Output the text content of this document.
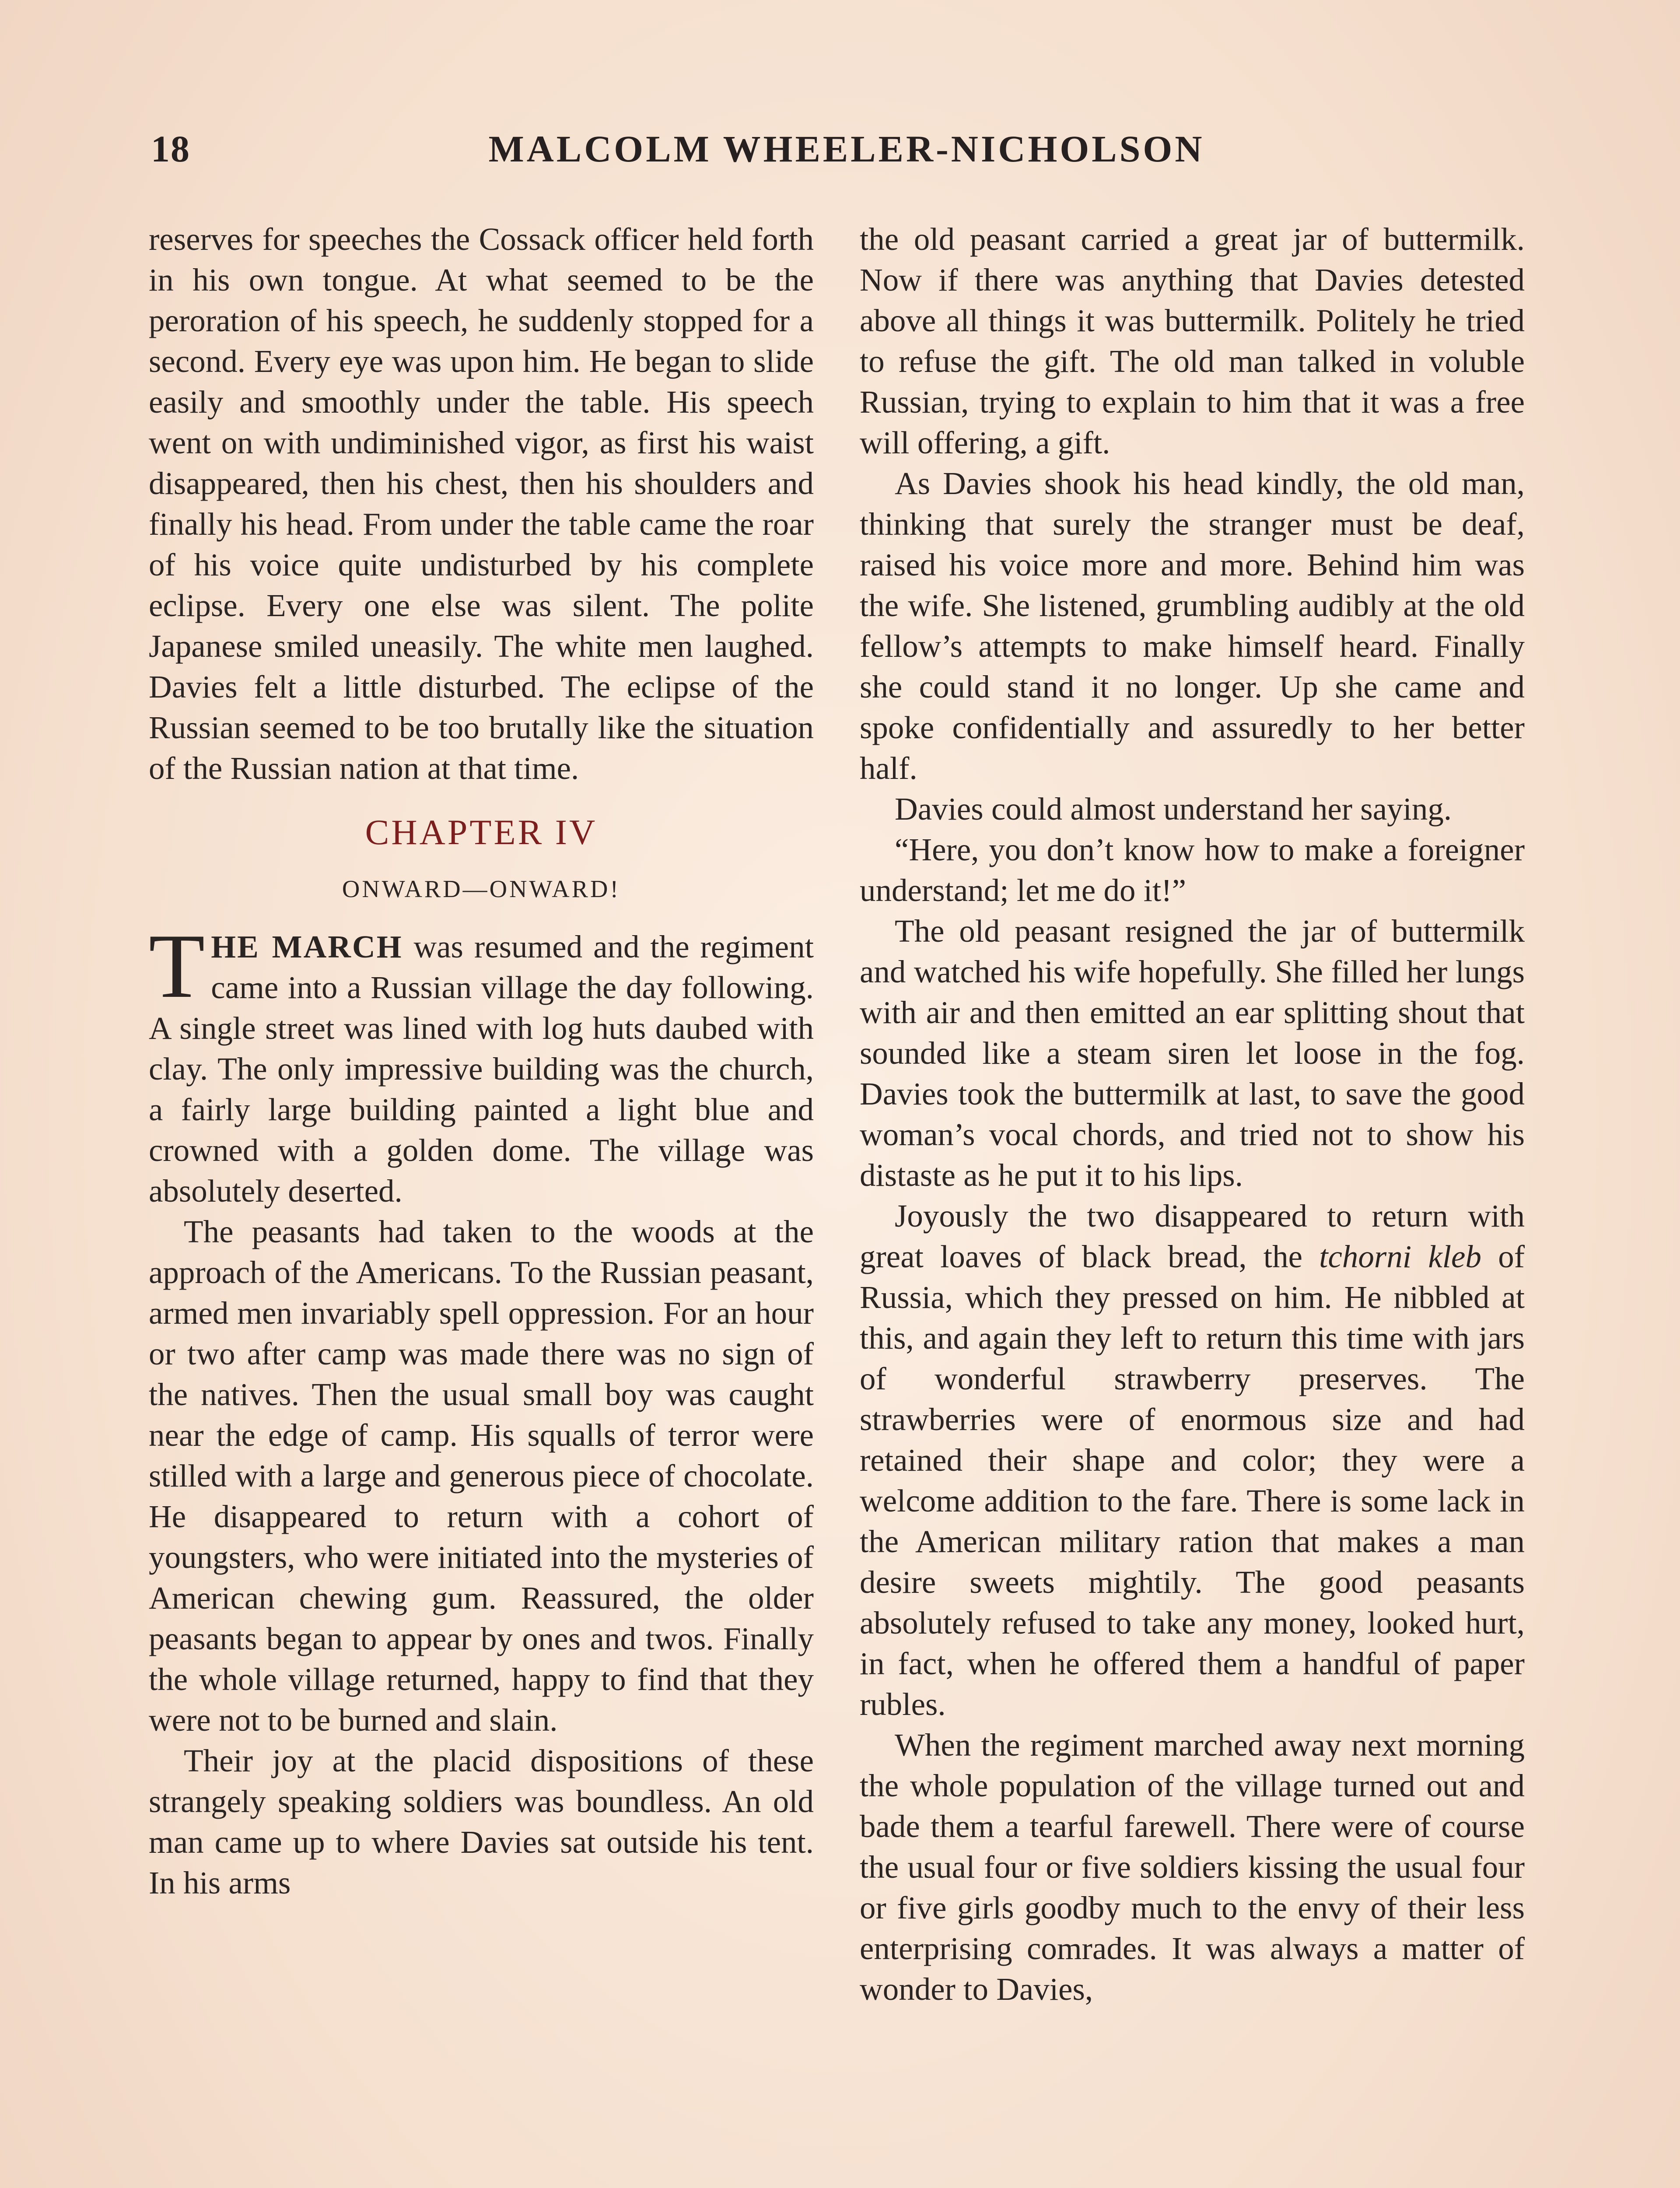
18	MALCOLM WHEELER-NICHOLSON

reserves for speeches the Cossack officer held forth in his own tongue. At what seemed to be the peroration of his speech, he suddenly stopped for a second. Every eye was upon him. He began to slide easily and smoothly under the table. His speech went on with undiminished vigor, as first his waist disappeared, then his chest, then his shoulders and finally his head. From under the table came the roar of his voice quite undisturbed by his complete eclipse. Every one else was silent. The polite Japanese smiled uneasily. The white men laughed. Davies felt a little disturbed. The eclipse of the Russian seemed to be too brutally like the situation of the Russian nation at that time.

CHAPTER IV
ONWARD—ONWARD!

THE MARCH was resumed and the regiment came into a Russian village the day following. A single street was lined with log huts daubed with clay. The only impressive building was the church, a fairly large building painted a light blue and crowned with a golden dome. The village was absolutely deserted.

The peasants had taken to the woods at the approach of the Americans. To the Russian peasant, armed men invariably spell oppression. For an hour or two after camp was made there was no sign of the natives. Then the usual small boy was caught near the edge of camp. His squalls of terror were stilled with a large and generous piece of chocolate. He disappeared to return with a cohort of youngsters, who were initiated into the mysteries of American chewing gum. Reassured, the older peasants began to appear by ones and twos. Finally the whole village returned, happy to find that they were not to be burned and slain.

Their joy at the placid dispositions of these strangely speaking soldiers was boundless. An old man came up to where Davies sat outside his tent. In his arms

the old peasant carried a great jar of buttermilk. Now if there was anything that Davies detested above all things it was buttermilk. Politely he tried to refuse the gift. The old man talked in voluble Russian, trying to explain to him that it was a free will offering, a gift.

As Davies shook his head kindly, the old man, thinking that surely the stranger must be deaf, raised his voice more and more. Behind him was the wife. She listened, grumbling audibly at the old fellow’s attempts to make himself heard. Finally she could stand it no longer. Up she came and spoke confidentially and assuredly to her better half.

Davies could almost understand her saying.

“Here, you don’t know how to make a foreigner understand; let me do it!”

The old peasant resigned the jar of buttermilk and watched his wife hopefully. She filled her lungs with air and then emitted an ear splitting shout that sounded like a steam siren let loose in the fog. Davies took the buttermilk at last, to save the good woman’s vocal chords, and tried not to show his distaste as he put it to his lips.

Joyously the two disappeared to return with great loaves of black bread, the tchorni kleb of Russia, which they pressed on him. He nibbled at this, and again they left to return this time with jars of wonderful strawberry preserves. The strawberries were of enormous size and had retained their shape and color; they were a welcome addition to the fare. There is some lack in the American military ration that makes a man desire sweets mightily. The good peasants absolutely refused to take any money, looked hurt, in fact, when he offered them a handful of paper rubles.

When the regiment marched away next morning the whole population of the village turned out and bade them a tearful farewell. There were of course the usual four or five soldiers kissing the usual four or five girls goodby much to the envy of their less enterprising comrades. It was always a matter of wonder to Davies,
